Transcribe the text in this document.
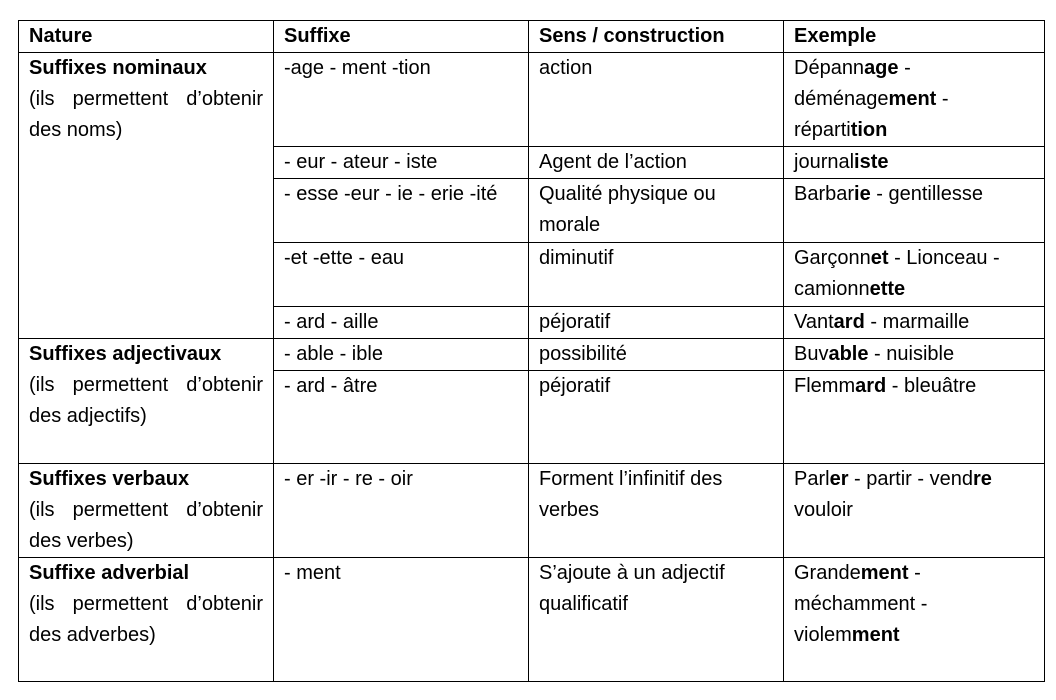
Nature	Suffixe	Sens / construction	Exemple

Suffixes nominaux
(ils permettent d’obtenir des noms)	-age - ment -tion	action	Dépannage - déménagement - répartition
	- eur - ateur - iste	Agent de l’action	journaliste
	- esse -eur - ie - erie -ité	Qualité physique ou morale	Barbarie - gentillesse
	-et -ette - eau	diminutif	Garçonnet - Lionceau - camionnette
	- ard - aille	péjoratif	Vantard - marmaille

Suffixes adjectivaux
(ils permettent d’obtenir des adjectifs)	- able - ible	possibilité	Buvable - nuisible
	- ard - âtre	péjoratif	Flemmard - bleuâtre

Suffixes verbaux
(ils permettent d’obtenir des verbes)	- er -ir - re - oir	Forment l’infinitif des verbes	Parler - partir - vendre vouloir

Suffixe adverbial
(ils permettent d’obtenir des adverbes)	- ment	S’ajoute à un adjectif qualificatif	Grandement - méchamment - violemment
